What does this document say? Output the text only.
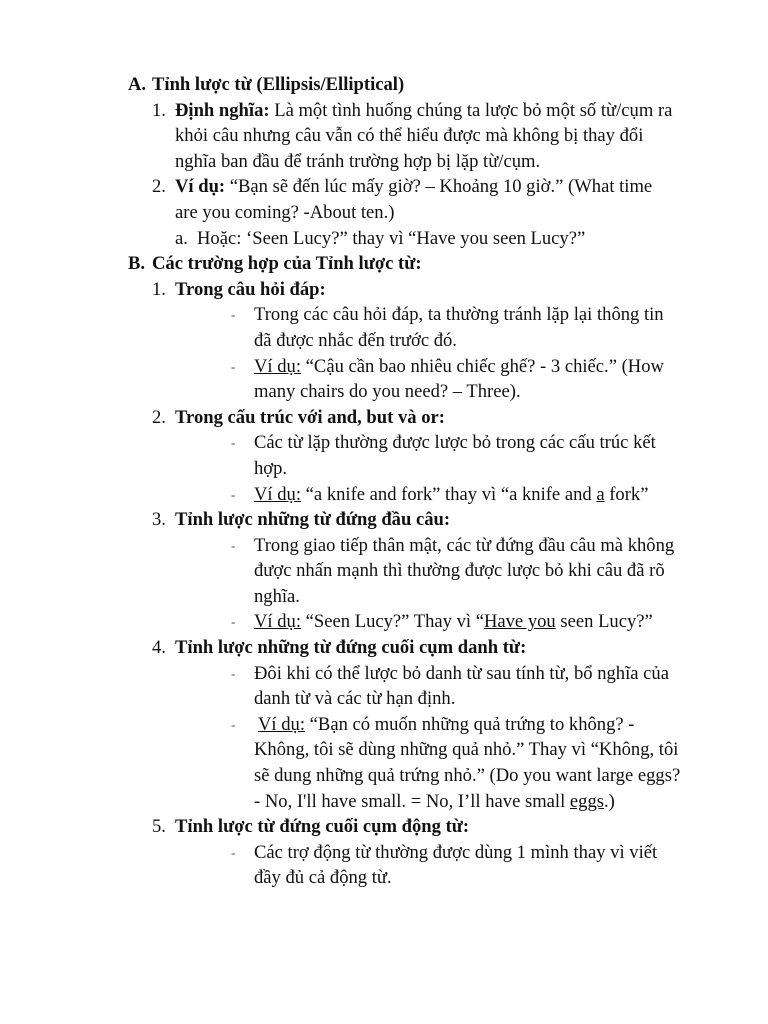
A. Tỉnh lược từ (Ellipsis/Elliptical)
1. Định nghĩa: Là một tình huống chúng ta lược bỏ một số từ/cụm ra
khỏi câu nhưng câu vẫn có thể hiểu được mà không bị thay đổi
nghĩa ban đầu để tránh trường hợp bị lặp từ/cụm.
2. Ví dụ: “Bạn sẽ đến lúc mấy giờ? – Khoảng 10 giờ.” (What time
are you coming? -About ten.)
a. Hoặc: ‘Seen Lucy?” thay vì “Have you seen Lucy?”
B. Các trường hợp của Tỉnh lược từ:
1. Trong câu hỏi đáp:
- Trong các câu hỏi đáp, ta thường tránh lặp lại thông tin
đã được nhắc đến trước đó.
- Ví dụ: “Cậu cần bao nhiêu chiếc ghế? - 3 chiếc.” (How
many chairs do you need? – Three).
2. Trong cấu trúc với and, but và or:
- Các từ lặp thường được lược bỏ trong các cấu trúc kết
hợp.
- Ví dụ: “a knife and fork” thay vì “a knife and a fork”
3. Tỉnh lược những từ đứng đầu câu:
- Trong giao tiếp thân mật, các từ đứng đầu câu mà không
được nhấn mạnh thì thường được lược bỏ khi câu đã rõ
nghĩa.
- Ví dụ: “Seen Lucy?” Thay vì “Have you seen Lucy?”
4. Tỉnh lược những từ đứng cuối cụm danh từ:
- Đôi khi có thể lược bỏ danh từ sau tính từ, bổ nghĩa của
danh từ và các từ hạn định.
- Ví dụ: “Bạn có muốn những quả trứng to không? -
Không, tôi sẽ dùng những quả nhỏ.” Thay vì “Không, tôi
sẽ dung những quả trứng nhỏ.” (Do you want large eggs?
- No, I'll have small. = No, I’ll have small eggs.)
5. Tỉnh lược từ đứng cuối cụm động từ:
- Các trợ động từ thường được dùng 1 mình thay vì viết
đầy đủ cả động từ.
